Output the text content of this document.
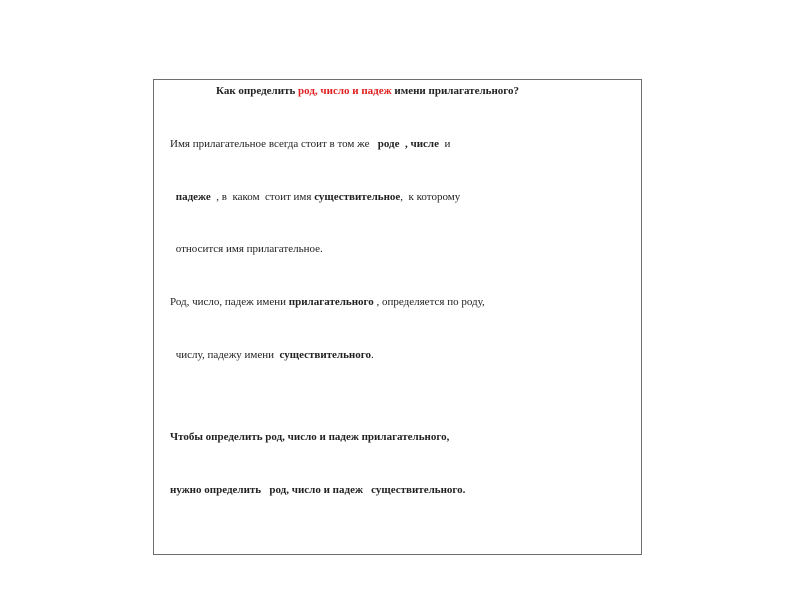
Как определить род, число и падеж имени прилагательного?
Имя прилагательное всегда стоит в том же   роде  , числе  и
падеже  , в  каком  стоит имя существительное,  к которому
относится имя прилагательное.
Род, число, падеж имени прилагательного , определяется по роду,
числу, падежу имени  существительного.
Чтобы определить род, число и падеж прилагательного,
нужно определить   род, число и падеж   существительного.
